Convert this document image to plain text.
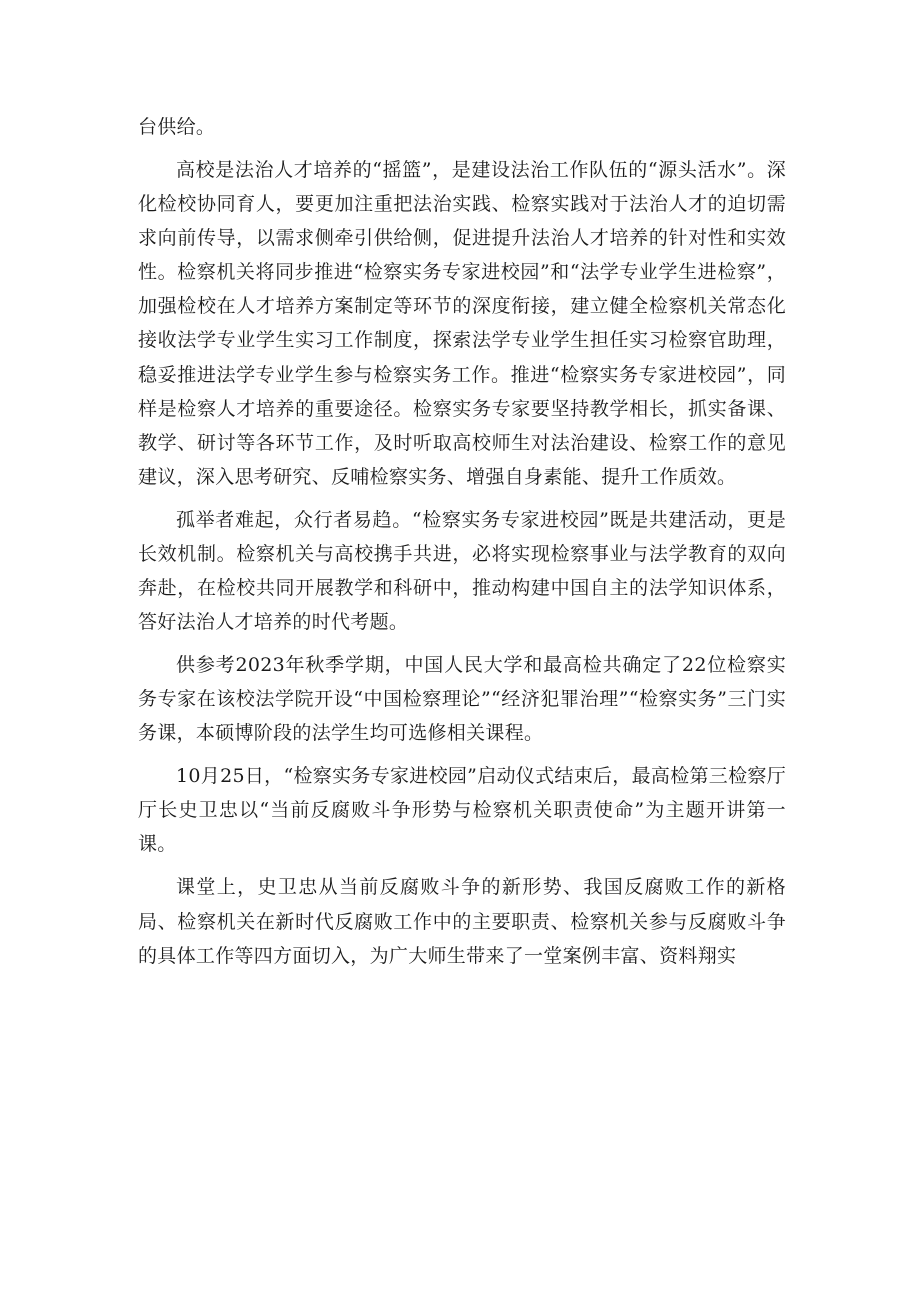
台供给。

高校是法治人才培养的“摇篮”，是建设法治工作队伍的“源头活水”。深化检校协同育人，要更加注重把法治实践、检察实践对于法治人才的迫切需求向前传导，以需求侧牵引供给侧，促进提升法治人才培养的针对性和实效性。检察机关将同步推进“检察实务专家进校园”和“法学专业学生进检察”，加强检校在人才培养方案制定等环节的深度衔接，建立健全检察机关常态化接收法学专业学生实习工作制度，探索法学专业学生担任实习检察官助理，稳妥推进法学专业学生参与检察实务工作。推进“检察实务专家进校园”，同样是检察人才培养的重要途径。检察实务专家要坚持教学相长，抓实备课、教学、研讨等各环节工作，及时听取高校师生对法治建设、检察工作的意见建议，深入思考研究、反哺检察实务、增强自身素能、提升工作质效。

孤举者难起，众行者易趋。“检察实务专家进校园”既是共建活动，更是长效机制。检察机关与高校携手共进，必将实现检察事业与法学教育的双向奔赴，在检校共同开展教学和科研中，推动构建中国自主的法学知识体系，答好法治人才培养的时代考题。

供参考2023年秋季学期，中国人民大学和最高检共确定了22位检察实务专家在该校法学院开设“中国检察理论”“经济犯罪治理”“检察实务”三门实务课，本硕博阶段的法学生均可选修相关课程。

10月25日，“检察实务专家进校园”启动仪式结束后，最高检第三检察厅厅长史卫忠以“当前反腐败斗争形势与检察机关职责使命”为主题开讲第一课。

课堂上，史卫忠从当前反腐败斗争的新形势、我国反腐败工作的新格局、检察机关在新时代反腐败工作中的主要职责、检察机关参与反腐败斗争的具体工作等四方面切入，为广大师生带来了一堂案例丰富、资料翔实
